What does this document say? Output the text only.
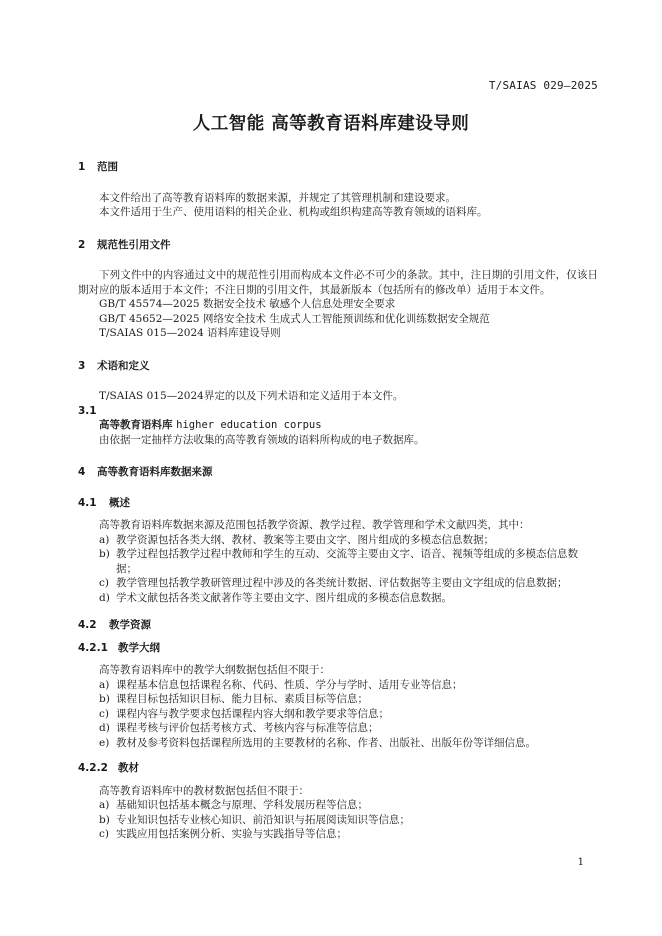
T/SAIAS 029—2025
人工智能 高等教育语料库建设导则
1 范围

本文件给出了高等教育语料库的数据来源，并规定了其管理机制和建设要求。

本文件适用于生产、使用语料的相关企业、机构或组织构建高等教育领域的语料库。

2 规范性引用文件

下列文件中的内容通过文中的规范性引用而构成本文件必不可少的条款。其中，注日期的引用文件，仅该日期对应的版本适用于本文件；不注日期的引用文件，其最新版本（包括所有的修改单）适用于本文件。

GB/T 45574—2025 数据安全技术 敏感个人信息处理安全要求

GB/T 45652—2025 网络安全技术 生成式人工智能预训练和优化训练数据安全规范

T/SAIAS 015—2024 语料库建设导则

3 术语和定义

T/SAIAS 015—2024界定的以及下列术语和定义适用于本文件。

3.1
高等教育语料库 higher education corpus
由依据一定抽样方法收集的高等教育领域的语料所构成的电子数据库。
4 高等教育语料库数据来源
4.1 概述

高等教育语料库数据来源及范围包括教学资源、教学过程、教学管理和学术文献四类，其中：

a) 教学资源包括各类大纲、教材、教案等主要由文字、图片组成的多模态信息数据；
b) 教学过程包括教学过程中教师和学生的互动、交流等主要由文字、语音、视频等组成的多模态信息数据；
c) 教学管理包括教学教研管理过程中涉及的各类统计数据、评估数据等主要由文字组成的信息数据；
d) 学术文献包括各类文献著作等主要由文字、图片组成的多模态信息数据。
4.2 教学资源
4.2.1 教学大纲

高等教育语料库中的教学大纲数据包括但不限于：

a) 课程基本信息包括课程名称、代码、性质、学分与学时、适用专业等信息；
b) 课程目标包括知识目标、能力目标、素质目标等信息；
c) 课程内容与教学要求包括课程内容大纲和教学要求等信息；
d) 课程考核与评价包括考核方式、考核内容与标准等信息；
e) 教材及参考资料包括课程所选用的主要教材的名称、作者、出版社、出版年份等详细信息。
4.2.2 教材

高等教育语料库中的教材数据包括但不限于：

a) 基础知识包括基本概念与原理、学科发展历程等信息；
b) 专业知识包括专业核心知识、前沿知识与拓展阅读知识等信息；
c) 实践应用包括案例分析、实验与实践指导等信息；
1
